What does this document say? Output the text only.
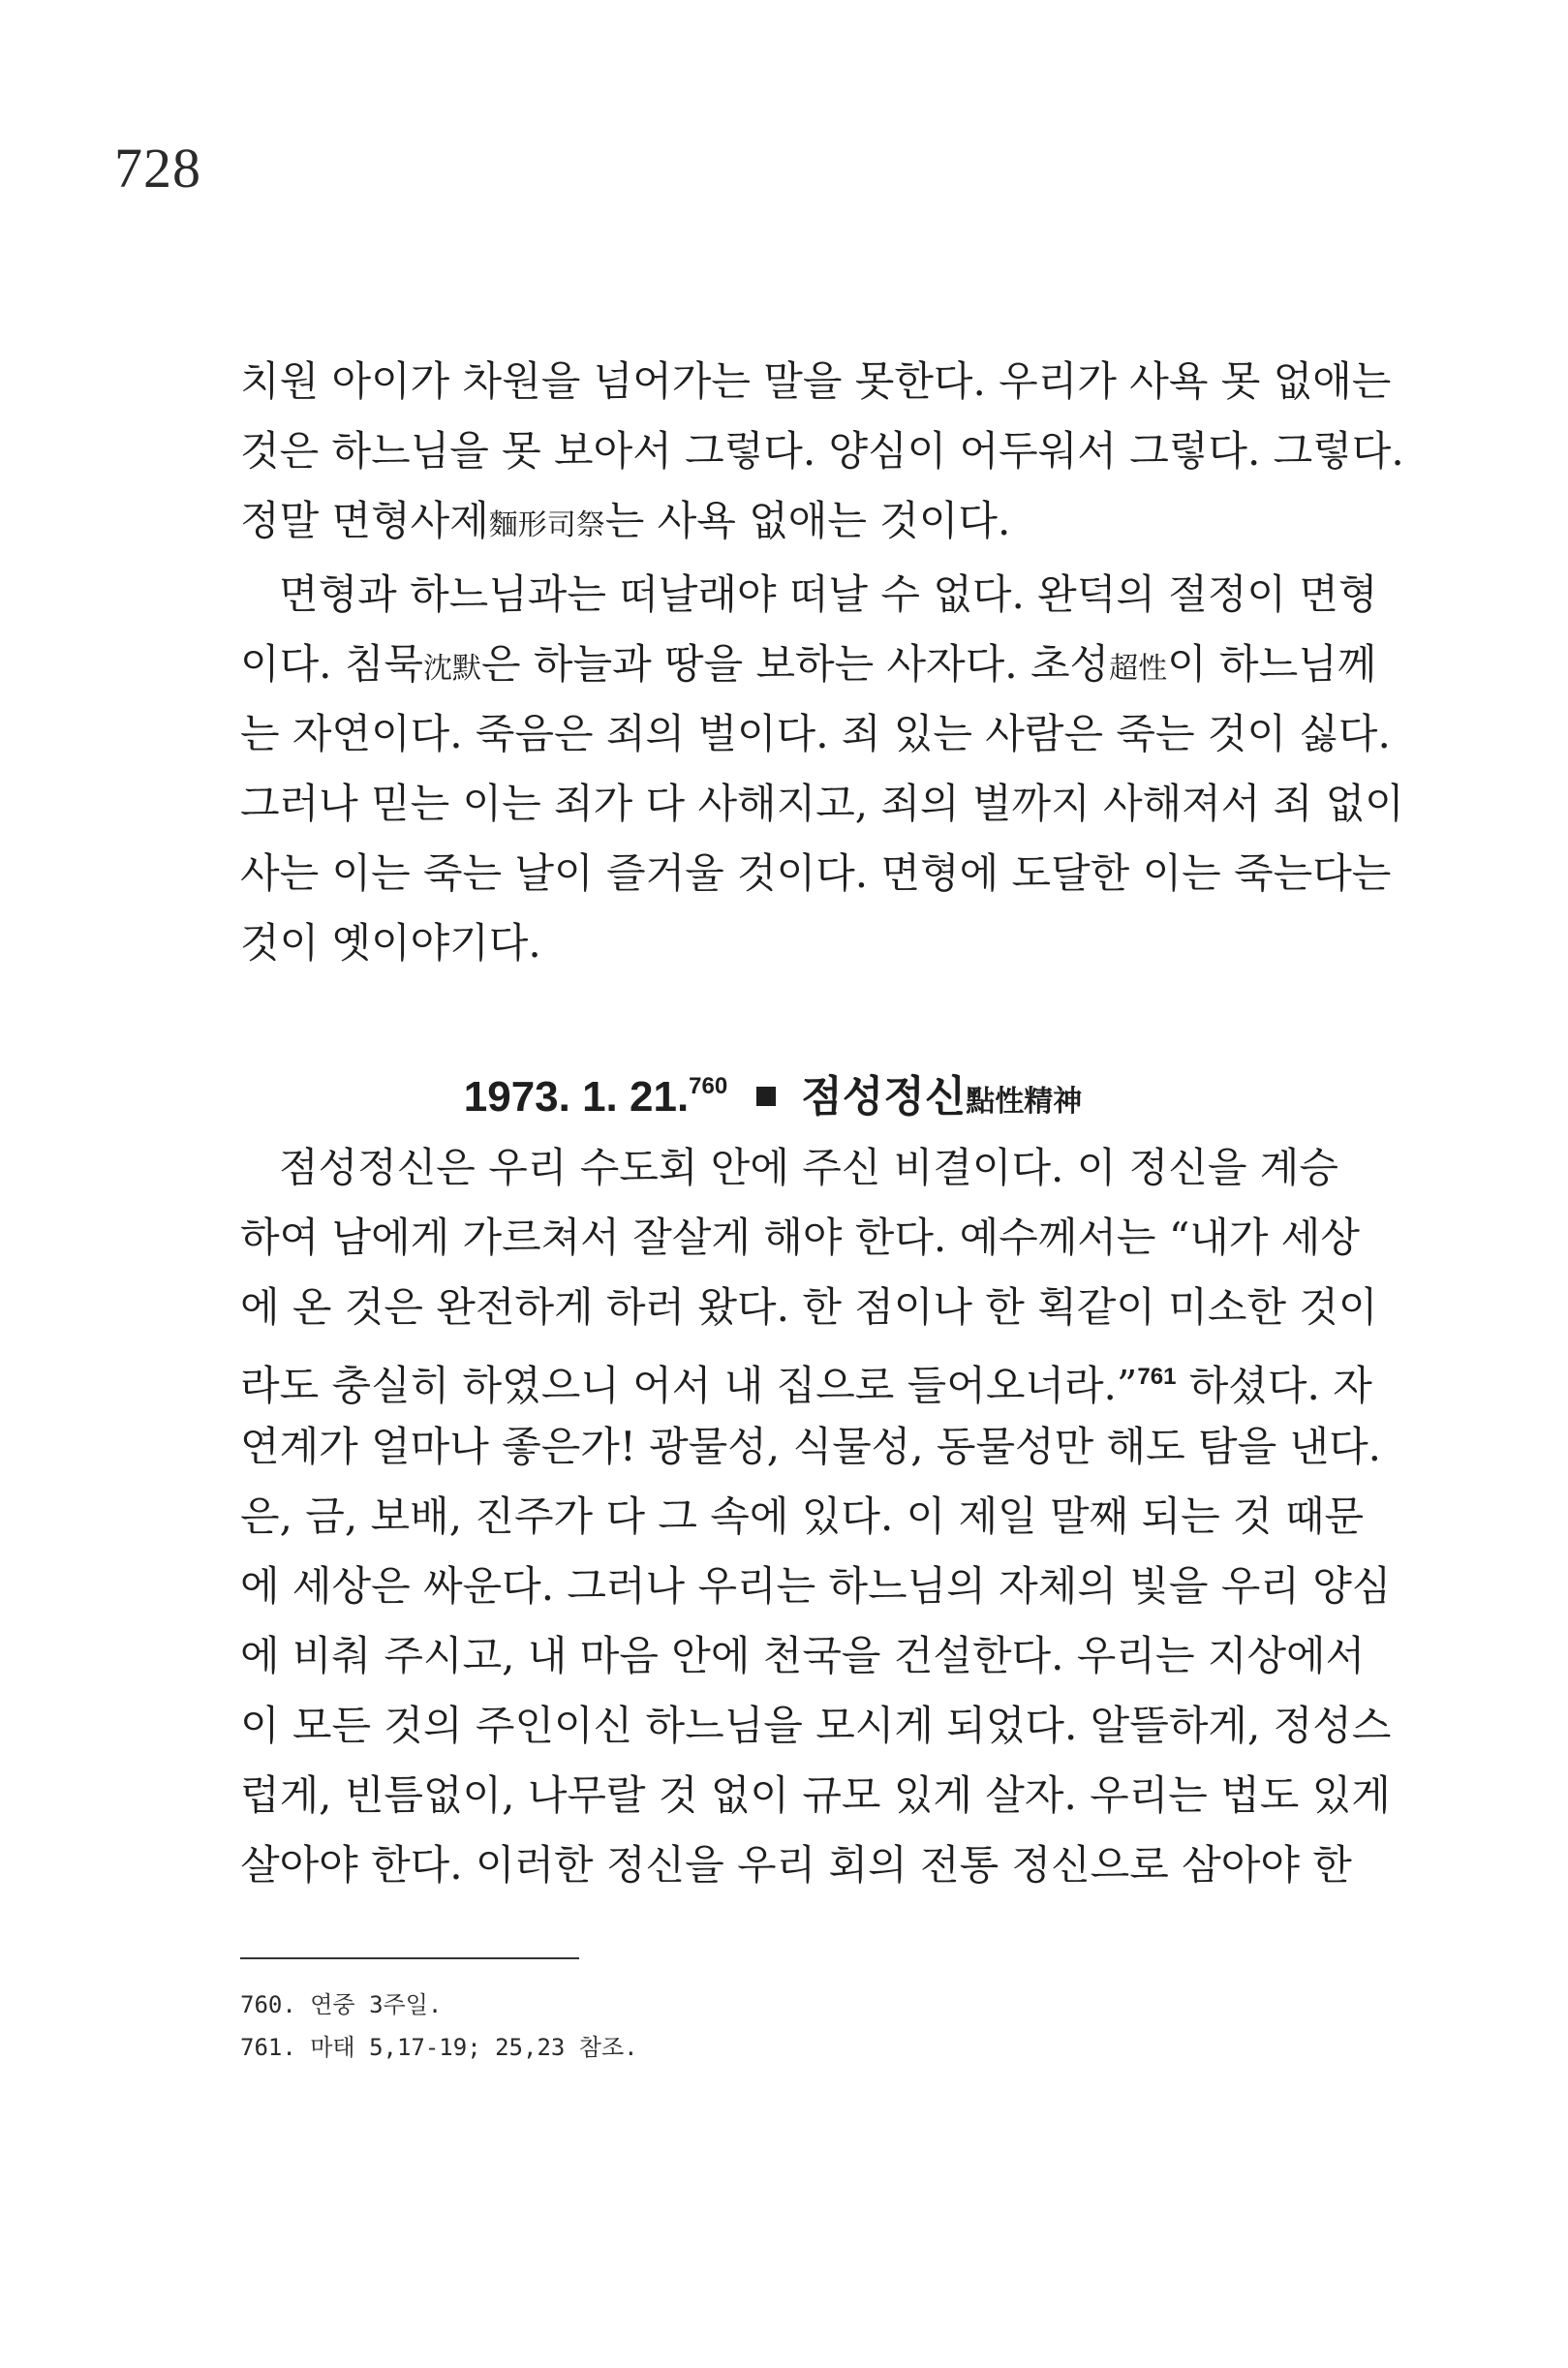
728
치원 아이가 차원을 넘어가는 말을 못한다. 우리가 사욕 못 없애는
것은 하느님을 못 보아서 그렇다. 양심이 어두워서 그렇다. 그렇다.
정말 면형사제麵形司祭는 사욕 없애는 것이다.
면형과 하느님과는 떠날래야 떠날 수 없다. 완덕의 절정이 면형
이다. 침묵沈默은 하늘과 땅을 보하는 사자다. 초성超性이 하느님께
는 자연이다. 죽음은 죄의 벌이다. 죄 있는 사람은 죽는 것이 싫다.
그러나 믿는 이는 죄가 다 사해지고, 죄의 벌까지 사해져서 죄 없이
사는 이는 죽는 날이 즐거울 것이다. 면형에 도달한 이는 죽는다는
것이 옛이야기다.
1973. 1. 21.$^{760}$ 점성정신點性精神
점성정신은 우리 수도회 안에 주신 비결이다. 이 정신을 계승
하여 남에게 가르쳐서 잘살게 해야 한다. 예수께서는 “내가 세상
에 온 것은 완전하게 하러 왔다. 한 점이나 한 획같이 미소한 것이
라도 충실히 하였으니 어서 내 집으로 들어오너라.”$^{761}$ 하셨다. 자
연계가 얼마나 좋은가! 광물성, 식물성, 동물성만 해도 탐을 낸다.
은, 금, 보배, 진주가 다 그 속에 있다. 이 제일 말째 되는 것 때문
에 세상은 싸운다. 그러나 우리는 하느님의 자체의 빛을 우리 양심
에 비춰 주시고, 내 마음 안에 천국을 건설한다. 우리는 지상에서
이 모든 것의 주인이신 하느님을 모시게 되었다. 알뜰하게, 정성스
럽게, 빈틈없이, 나무랄 것 없이 규모 있게 살자. 우리는 법도 있게
살아야 한다. 이러한 정신을 우리 회의 전통 정신으로 삼아야 한
760. 연중 3주일.
761. 마태 5,17-19; 25,23 참조.
